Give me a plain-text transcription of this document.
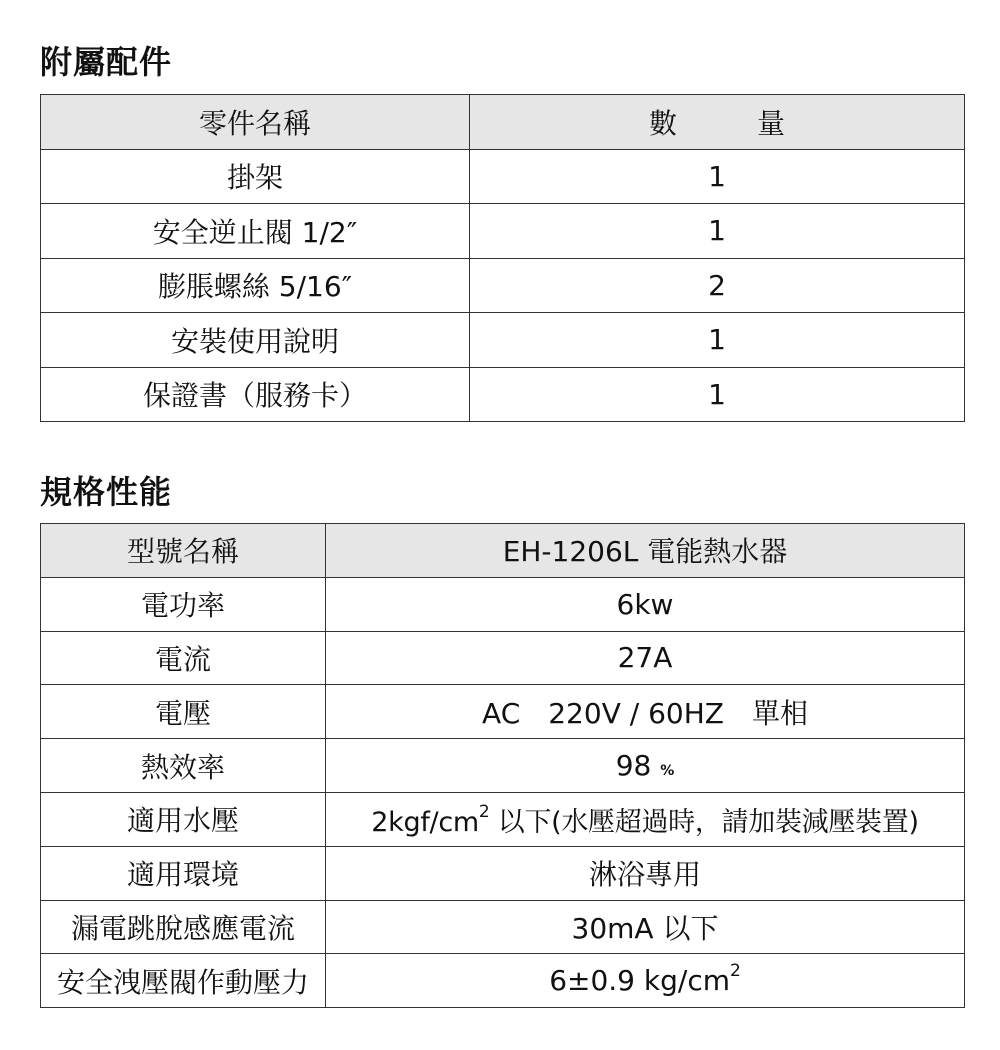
附屬配件
零件名稱	數 量
掛架	1
安全逆止閥 1/2″	1
膨脹螺絲 5/16″	2
安裝使用說明	1
保證書（服務卡）	1
規格性能
型號名稱	EH-1206L 電能熱水器
電功率	6kw
電流	27A
電壓	AC　220V / 60HZ　單相
熱效率	98 %
適用水壓	$2kgf/cm^2$ 以下(水壓超過時，請加裝減壓裝置)
適用環境	淋浴專用
漏電跳脫感應電流	30mA 以下
安全洩壓閥作動壓力	6±0.9 $kg/cm^2$
